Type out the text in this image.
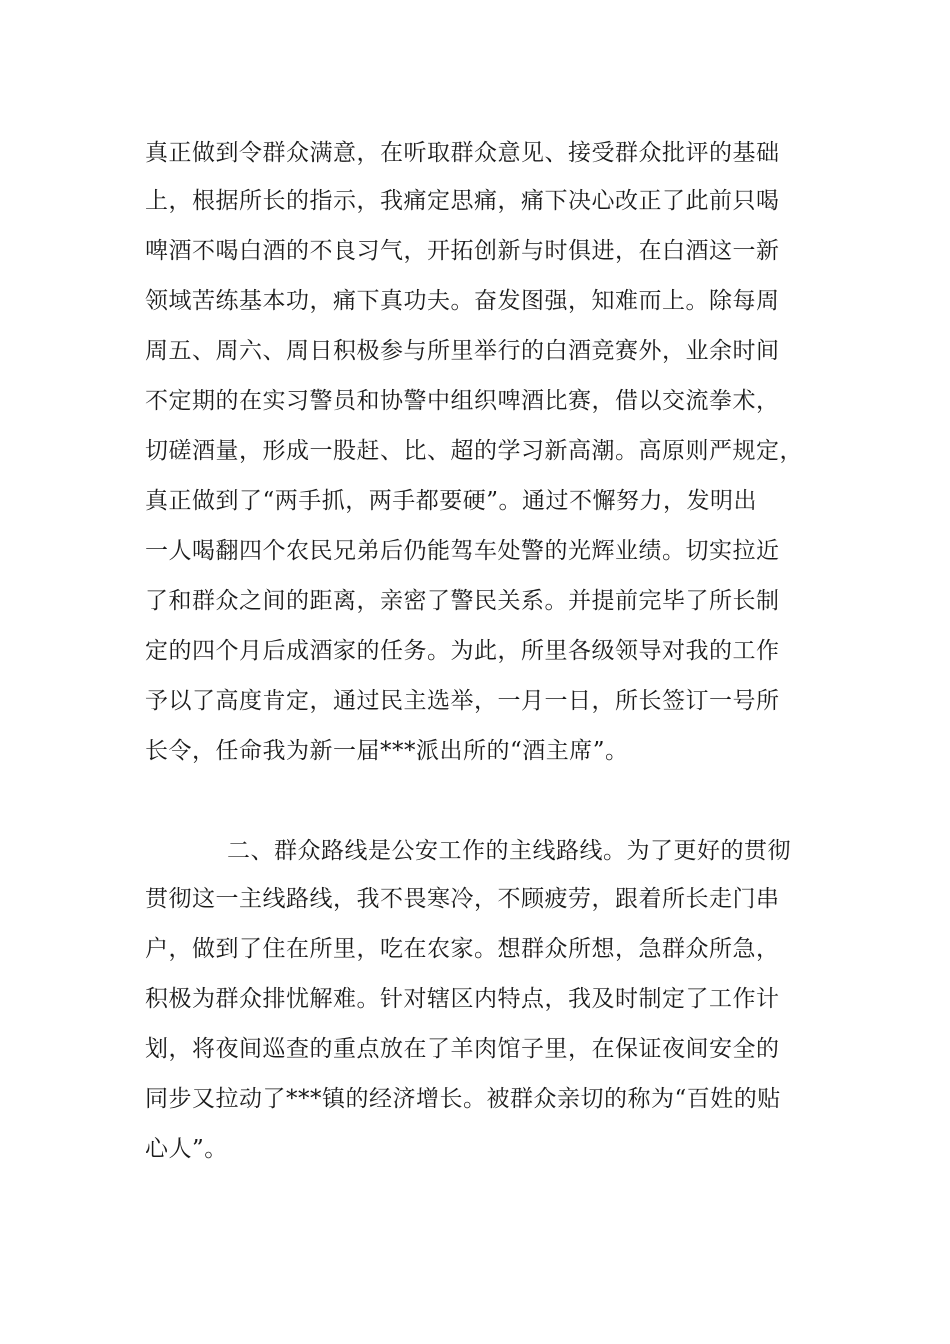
真正做到令群众满意，在听取群众意见、接受群众批评的基础
上，根据所长的指示，我痛定思痛，痛下决心改正了此前只喝
啤酒不喝白酒的不良习气，开拓创新与时俱进，在白酒这一新
领域苦练基本功，痛下真功夫。奋发图强，知难而上。除每周
周五、周六、周日积极参与所里举行的白酒竞赛外，业余时间
不定期的在实习警员和协警中组织啤酒比赛，借以交流拳术，
切磋酒量，形成一股赶、比、超的学习新高潮。高原则严规定，
真正做到了“两手抓，两手都要硬”。通过不懈努力，发明出
一人喝翻四个农民兄弟后仍能驾车处警的光辉业绩。切实拉近
了和群众之间的距离，亲密了警民关系。并提前完毕了所长制
定的四个月后成酒家的任务。为此，所里各级领导对我的工作
予以了高度肯定，通过民主选举，一月一日，所长签订一号所
长令，任命我为新一届***派出所的“酒主席”。
二、群众路线是公安工作的主线路线。为了更好的贯彻
贯彻这一主线路线，我不畏寒冷，不顾疲劳，跟着所长走门串
户，做到了住在所里，吃在农家。想群众所想，急群众所急，
积极为群众排忧解难。针对辖区内特点，我及时制定了工作计
划，将夜间巡查的重点放在了羊肉馆子里，在保证夜间安全的
同步又拉动了***镇的经济增长。被群众亲切的称为“百姓的贴
心人”。
